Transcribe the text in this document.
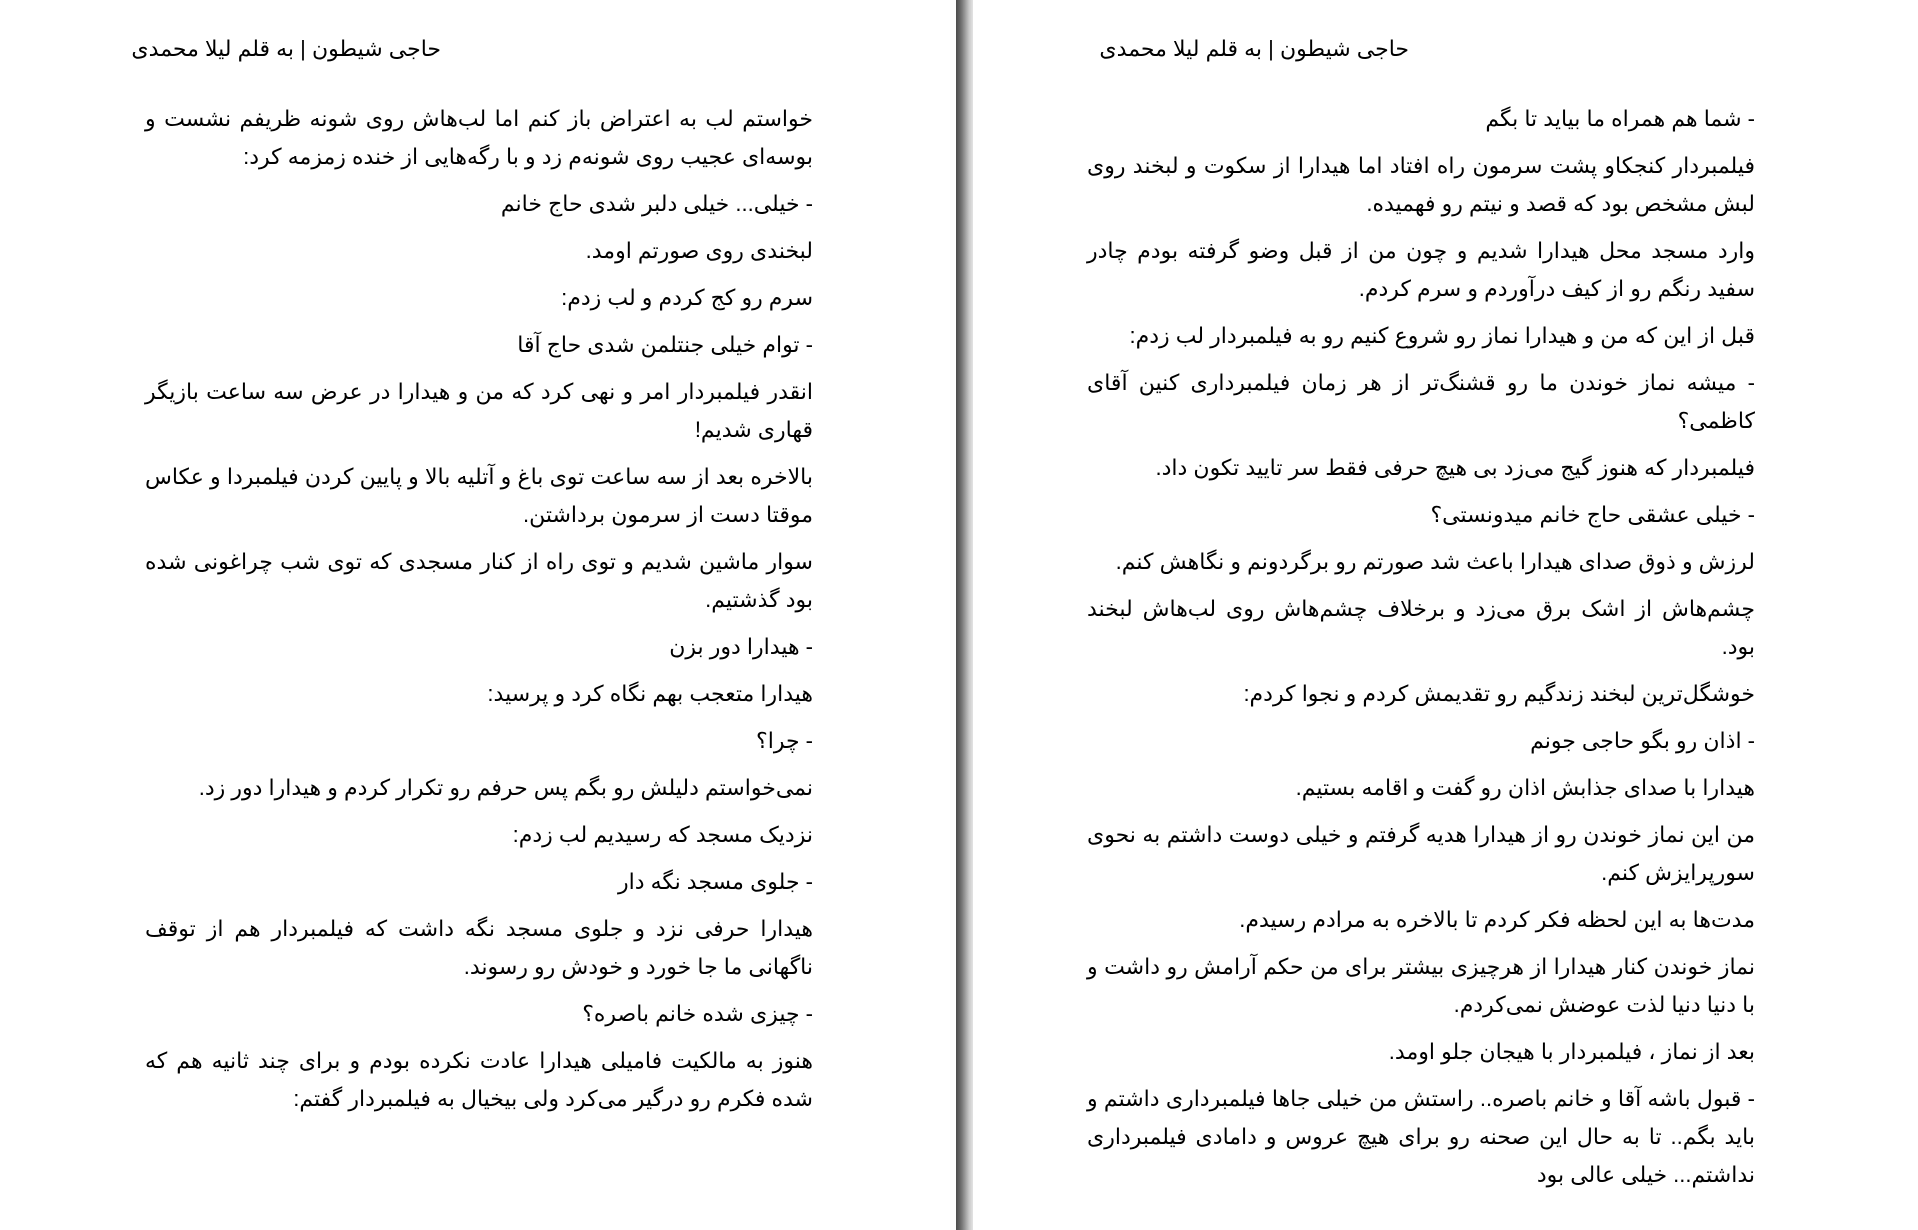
حاجی شیطون | به قلم لیلا محمدی

خواستم لب به اعتراض باز کنم اما لب‌هاش روی شونه ظریفم نشست و بوسه‌ای عجیب روی شونه‌م زد و با رگه‌هایی از خنده زمزمه کرد:

- خیلی... خیلی دلبر شدی حاج خانم

لبخندی روی صورتم اومد.

سرم رو کج کردم و لب زدم:

- توام خیلی جنتلمن شدی حاج آقا

انقدر فیلمبردار امر و نهی کرد که من و هیدارا در عرض سه ساعت بازیگر قهاری شدیم!

بالاخره بعد از سه ساعت توی باغ و آتلیه بالا و پایین کردن فیلمبردا و عکاس موقتا دست از سرمون برداشتن.

سوار ماشین شدیم و توی راه از کنار مسجدی که توی شب چراغونی شده بود گذشتیم.

- هیدارا دور بزن

هیدارا متعجب بهم نگاه کرد و پرسید:

- چرا؟

نمی‌خواستم دلیلش رو بگم پس حرفم رو تکرار کردم و هیدارا دور زد.

نزدیک مسجد که رسیدیم لب زدم:

- جلوی مسجد نگه دار

هیدارا حرفی نزد و جلوی مسجد نگه داشت که فیلمبردار هم از توقف ناگهانی ما جا خورد و خودش رو رسوند.

- چیزی شده خانم باصره؟

هنوز به مالکیت فامیلی هیدارا عادت نکرده بودم و برای چند ثانیه هم که شده فکرم رو درگیر می‌کرد ولی بیخیال به فیلمبردار گفتم:

حاجی شیطون | به قلم لیلا محمدی

- شما هم همراه ما بیاید تا بگم

فیلمبردار کنجکاو پشت سرمون راه افتاد اما هیدارا از سکوت و لبخند روی لبش مشخص بود که قصد و نیتم رو فهمیده.

وارد مسجد محل هیدارا شدیم و چون من از قبل وضو گرفته بودم چادر سفید رنگم رو از کیف درآوردم و سرم کردم.

قبل از این که من و هیدارا نماز رو شروع کنیم رو به فیلمبردار لب زدم:

- میشه نماز خوندن ما رو قشنگ‌تر از هر زمان فیلمبرداری کنین آقای کاظمی؟

فیلمبردار که هنوز گیج می‌زد بی هیچ حرفی فقط سر تایید تکون داد.

- خیلی عشقی حاج خانم میدونستی؟

لرزش و ذوق صدای هیدارا باعث شد صورتم رو برگردونم و نگاهش کنم.

چشم‌هاش از اشک برق می‌زد و برخلاف چشم‌هاش روی لب‌هاش لبخند بود.

خوشگل‌ترین لبخند زندگیم رو تقدیمش کردم و نجوا کردم:

- اذان رو بگو حاجی جونم

هیدارا با صدای جذابش اذان رو گفت و اقامه بستیم.

من این نماز خوندن رو از هیدارا هدیه گرفتم و خیلی دوست داشتم به نحوی سورپرایزش کنم.

مدت‌ها به این لحظه فکر کردم تا بالاخره به مرادم رسیدم.

نماز خوندن کنار هیدارا از هرچیزی بیشتر برای من حکم آرامش رو داشت و با دنیا دنیا لذت عوضش نمی‌کردم.

بعد از نماز ، فیلمبردار با هیجان جلو اومد.

- قبول باشه آقا و خانم باصره.. راستش من خیلی جاها فیلمبرداری داشتم و باید بگم.. تا به حال این صحنه رو برای هیچ عروس و دامادی فیلمبرداری نداشتم... خیلی عالی بود
